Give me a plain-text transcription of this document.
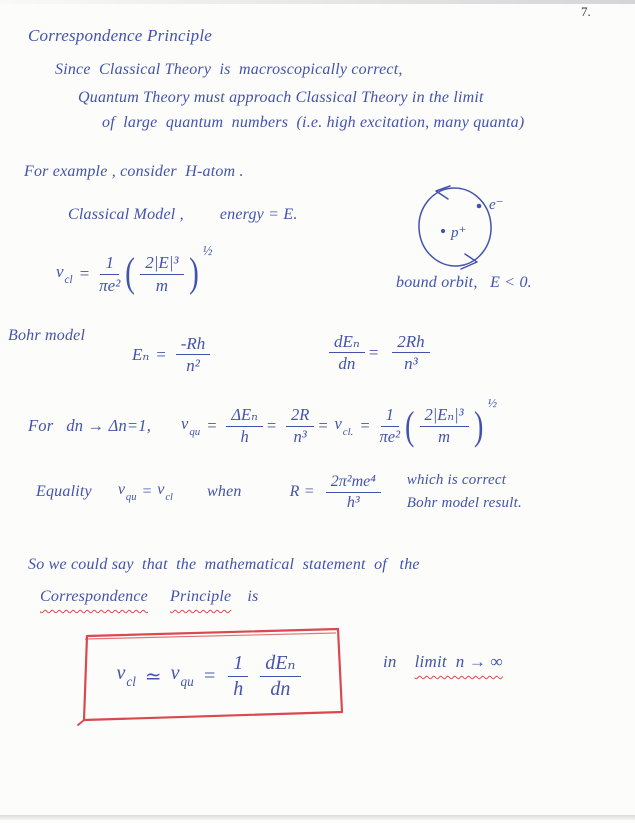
7.
Correspondence Principle
Since  Classical Theory  is  macroscopically correct,
Quantum Theory must approach Classical Theory in the limit
of  large  quantum  numbers  (i.e. high excitation, many quanta)
For example , consider  H-atom .
Classical Model , energy = E.
$\nu_{cl} = \frac{1}{\text{πe²}}$ ( $\frac{\text{2|E|³}}{m}$ ) ½
e⁻
p⁺
bound orbit,   E < 0.
Bohr model
$E_n = \frac{-Rh}{\text{n²}}$	$\frac{\text{dEₙ}}{dn} = \frac{2Rh}{\text{n³}}$
For   dn → Δn=1, $\nu_{qu} = \frac{\text{ΔEₙ}}{h} = \frac{2R}{\text{n³}} = \nu_{cl.} = \frac{1}{\text{πe²}}$ ( $\frac{\text{2|Eₙ|³}}{m}$ ) ½
Equality $\nu_{qu} = \nu_{cl}$ when	$R = \frac{\text{2π²me⁴}}{\text{h³}}$ which is correct
Bohr model result.
So we could say  that  the  mathematical  statement  of   the
Correspondence Principle is
$\nu_{cl}$ ≃ $\nu_{qu} = \frac{1}{h} \frac{\text{dEₙ}}{dn}$	in limit  n → ∞
